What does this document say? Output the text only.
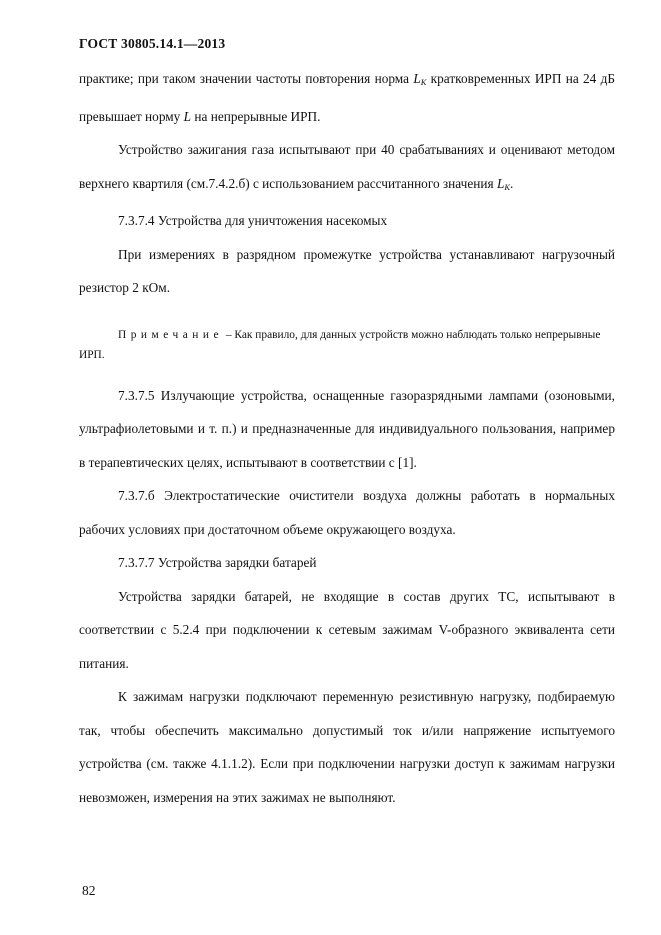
ГОСТ 30805.14.1—2013

практике; при таком значении частоты повторения норма $L_K$ кратковременных ИРП на 24 дБ превышает норму L на непрерывные ИРП.

Устройство зажигания газа испытывают при 40 срабатываниях и оценивают методом верхнего квартиля (см.7.4.2.б) с использованием рассчитанного значения $L_K$.

7.3.7.4 Устройства для уничтожения насекомых

При измерениях в разрядном промежутке устройства устанавливают нагрузочный резистор 2 кОм.

Примечание – Как правило, для данных устройств можно наблюдать только непрерывные ИРП.

7.3.7.5 Излучающие устройства, оснащенные газоразрядными лампами (озоновыми, ультрафиолетовыми и т. п.) и предназначенные для индивидуального пользования, например в терапевтических целях, испытывают в соответствии с [1].

7.3.7.б Электростатические очистители воздуха должны работать в нормальных рабочих условиях при достаточном объеме окружающего воздуха.

7.3.7.7 Устройства зарядки батарей

Устройства зарядки батарей, не входящие в состав других ТС, испытывают в соответствии с 5.2.4 при подключении к сетевым зажимам V-образного эквивалента сети питания.

К зажимам нагрузки подключают переменную резистивную нагрузку, подбираемую так, чтобы обеспечить максимально допустимый ток и/или напряжение испытуемого устройства (см. также 4.1.1.2). Если при подключении нагрузки доступ к зажимам нагрузки невозможен, измерения на этих зажимах не выполняют.

82
